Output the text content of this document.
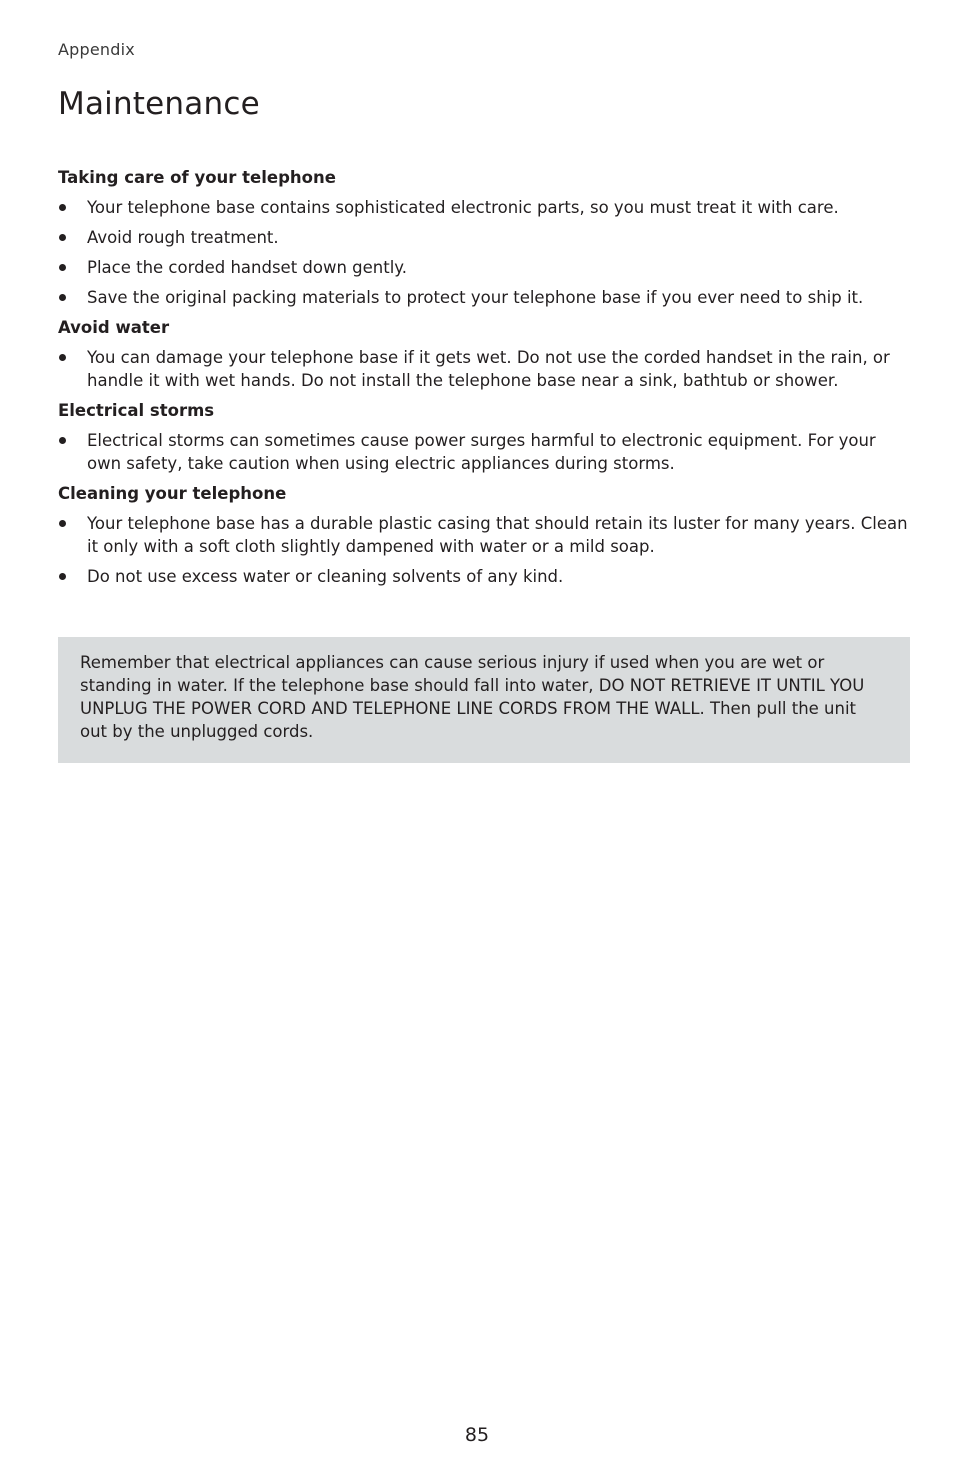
Appendix
Maintenance
Taking care of your telephone
Your telephone base contains sophisticated electronic parts, so you must treat it with care.
Avoid rough treatment.
Place the corded handset down gently.
Save the original packing materials to protect your telephone base if you ever need to ship it.
Avoid water
You can damage your telephone base if it gets wet. Do not use the corded handset in the rain, or handle it with wet hands. Do not install the telephone base near a sink, bathtub or shower.
Electrical storms
Electrical storms can sometimes cause power surges harmful to electronic equipment. For your own safety, take caution when using electric appliances during storms.
Cleaning your telephone
Your telephone base has a durable plastic casing that should retain its luster for many years. Clean it only with a soft cloth slightly dampened with water or a mild soap.
Do not use excess water or cleaning solvents of any kind.

Remember that electrical appliances can cause serious injury if used when you are wet or standing in water. If the telephone base should fall into water, DO NOT RETRIEVE IT UNTIL YOU UNPLUG THE POWER CORD AND TELEPHONE LINE CORDS FROM THE WALL. Then pull the unit out by the unplugged cords.

85
